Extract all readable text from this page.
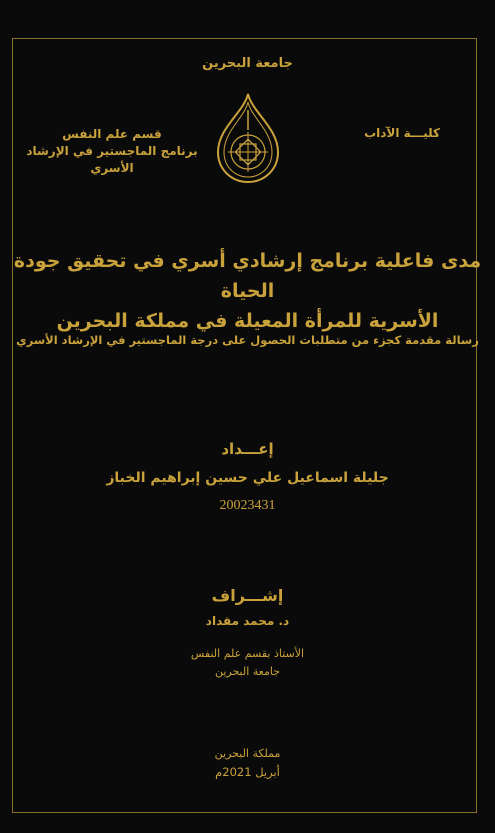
جامعة البحرين
كليـــة الآداب
قسم علم النفس
برنامج الماجستير في الإرشاد الأسري
مدى فاعلية برنامج إرشادي أسري في تحقيق جودة الحياة
الأسرية للمرأة المعيلة في مملكة البحرين
رسالة مقدمة كجزء من متطلبات الحصول على درجة الماجستير في الإرشاد الأسري
إعـــداد
جليلة اسماعيل علي حسين إبراهيم الخباز
20023431
إشـــراف
د. محمد مقداد
الأستاذ بقسم علم النفس
جامعة البحرين
مملكة البحرين
أبريل 2021م
